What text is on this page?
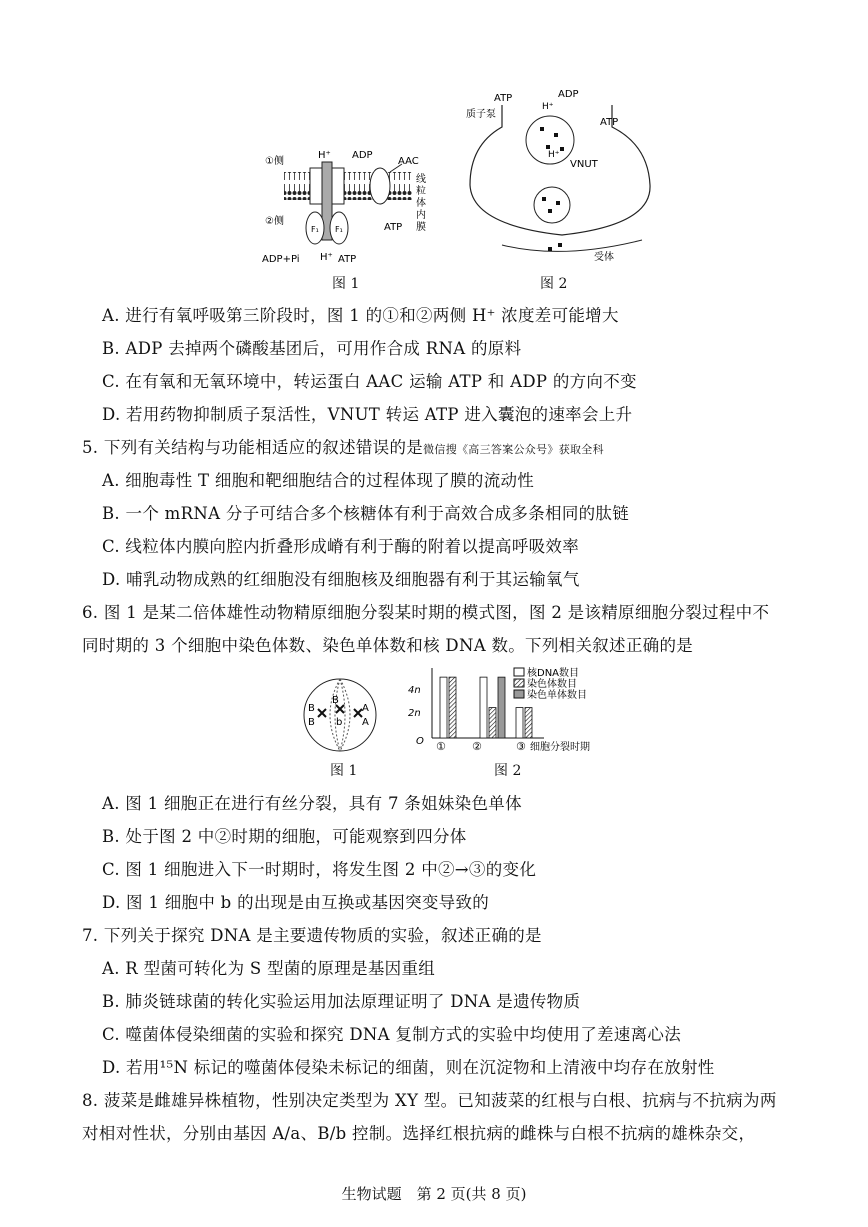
①侧
②侧
H⁺ ADP
AAC
F₁ F₁
ADP+Pi H⁺ ATP
ATP
线
粒
体
内
膜
图 1
ATP	ADP
质子泵
H⁺
ATP
H⁺
VNUT
受体
图 2
A. 进行有氧呼吸第三阶段时，图 1 的①和②两侧 H⁺ 浓度差可能增大
B. ADP 去掉两个磷酸基团后，可用作合成 RNA 的原料
C. 在有氧和无氧环境中，转运蛋白 AAC 运输 ATP 和 ADP 的方向不变
D. 若用药物抑制质子泵活性，VNUT 转运 ATP 进入囊泡的速率会上升
5. 下列有关结构与功能相适应的叙述错误的是微信搜《高三答案公众号》获取全科
A. 细胞毒性 T 细胞和靶细胞结合的过程体现了膜的流动性
B. 一个 mRNA 分子可结合多个核糖体有利于高效合成多条相同的肽链
C. 线粒体内膜向腔内折叠形成嵴有利于酶的附着以提高呼吸效率
D. 哺乳动物成熟的红细胞没有细胞核及细胞器有利于其运输氧气
6. 图 1 是某二倍体雄性动物精原细胞分裂某时期的模式图，图 2 是该精原细胞分裂过程中不
同时期的 3 个细胞中染色体数、染色单体数和核 DNA 数。下列相关叙述正确的是
B
B
B
b
A
A
图 1
核DNA数目
染色体数目
染色单体数目
4n
2n
O ① ②	③ 细胞分裂时期
图 2
A. 图 1 细胞正在进行有丝分裂，具有 7 条姐妹染色单体
B. 处于图 2 中②时期的细胞，可能观察到四分体
C. 图 1 细胞进入下一时期时，将发生图 2 中②→③的变化
D. 图 1 细胞中 b 的出现是由互换或基因突变导致的
7. 下列关于探究 DNA 是主要遗传物质的实验，叙述正确的是
A. R 型菌可转化为 S 型菌的原理是基因重组
B. 肺炎链球菌的转化实验运用加法原理证明了 DNA 是遗传物质
C. 噬菌体侵染细菌的实验和探究 DNA 复制方式的实验中均使用了差速离心法
D. 若用¹⁵N 标记的噬菌体侵染未标记的细菌，则在沉淀物和上清液中均存在放射性
8. 菠菜是雌雄异株植物，性别决定类型为 XY 型。已知菠菜的红根与白根、抗病与不抗病为两
对相对性状，分别由基因 A/a、B/b 控制。选择红根抗病的雌株与白根不抗病的雄株杂交，
生物试题　第 2 页(共 8 页)
